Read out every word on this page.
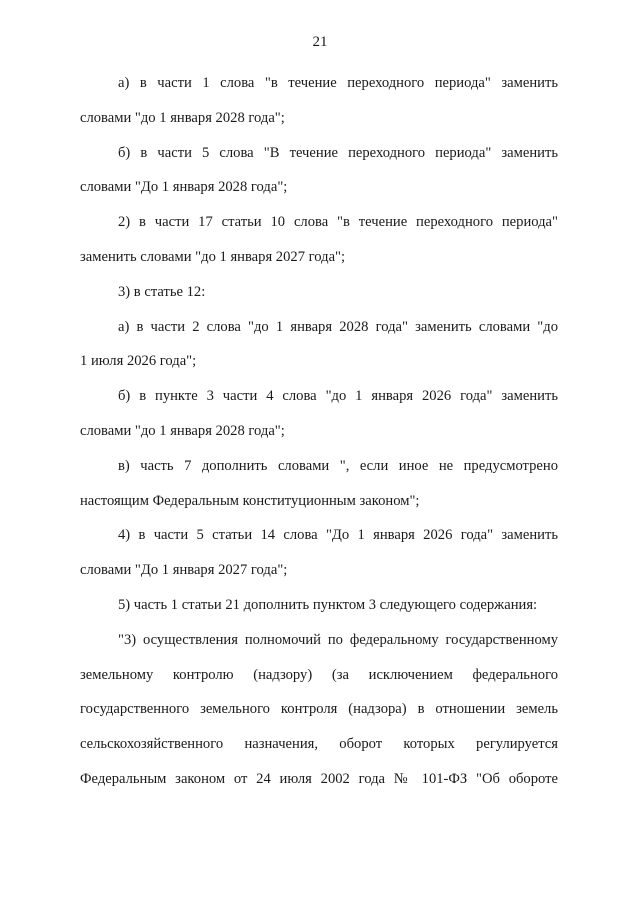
21
а) в части 1 слова "в течение переходного периода" заменить
словами "до 1 января 2028 года";
б) в части 5 слова "В течение переходного периода" заменить
словами "До 1 января 2028 года";
2) в части 17 статьи 10 слова "в течение переходного периода"
заменить словами "до 1 января 2027 года";
3) в статье 12:
а) в части 2 слова "до 1 января 2028 года" заменить словами "до
1 июля 2026 года";
б) в пункте 3 части 4 слова "до 1 января 2026 года" заменить
словами "до 1 января 2028 года";
в) часть 7 дополнить словами ", если иное не предусмотрено
настоящим Федеральным конституционным законом";
4) в части 5 статьи 14 слова "До 1 января 2026 года" заменить
словами "До 1 января 2027 года";
5) часть 1 статьи 21 дополнить пунктом 3 следующего содержания:
"3) осуществления полномочий по федеральному государственному
земельному контролю (надзору) (за исключением федерального
государственного земельного контроля (надзора) в отношении земель
сельскохозяйственного назначения, оборот которых регулируется
Федеральным законом от 24 июля 2002 года № 101-ФЗ "Об обороте
